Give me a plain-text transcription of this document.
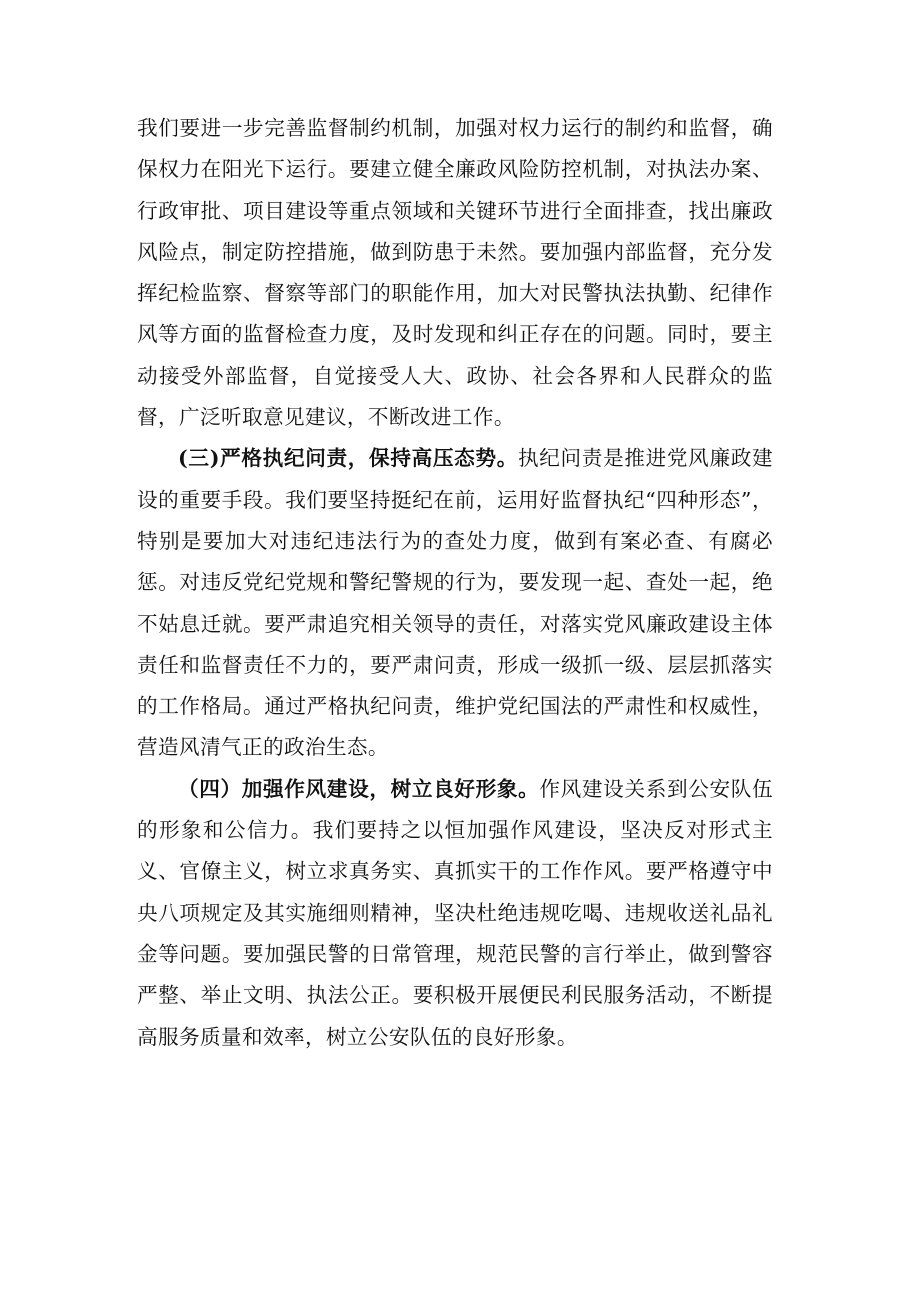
我们要进一步完善监督制约机制，加强对权力运行的制约和监督，确保权力在阳光下运行。要建立健全廉政风险防控机制，对执法办案、行政审批、项目建设等重点领域和关键环节进行全面排查，找出廉政风险点，制定防控措施，做到防患于未然。要加强内部监督，充分发挥纪检监察、督察等部门的职能作用，加大对民警执法执勤、纪律作风等方面的监督检查力度，及时发现和纠正存在的问题。同时，要主动接受外部监督，自觉接受人大、政协、社会各界和人民群众的监督，广泛听取意见建议，不断改进工作。

(三)严格执纪问责，保持高压态势。执纪问责是推进党风廉政建设的重要手段。我们要坚持挺纪在前，运用好监督执纪“四种形态”，特别是要加大对违纪违法行为的查处力度，做到有案必查、有腐必惩。对违反党纪党规和警纪警规的行为，要发现一起、查处一起，绝不姑息迁就。要严肃追究相关领导的责任，对落实党风廉政建设主体责任和监督责任不力的，要严肃问责，形成一级抓一级、层层抓落实的工作格局。通过严格执纪问责，维护党纪国法的严肃性和权威性，营造风清气正的政治生态。

（四）加强作风建设，树立良好形象。作风建设关系到公安队伍的形象和公信力。我们要持之以恒加强作风建设，坚决反对形式主义、官僚主义，树立求真务实、真抓实干的工作作风。要严格遵守中央八项规定及其实施细则精神，坚决杜绝违规吃喝、违规收送礼品礼金等问题。要加强民警的日常管理，规范民警的言行举止，做到警容严整、举止文明、执法公正。要积极开展便民利民服务活动，不断提高服务质量和效率，树立公安队伍的良好形象。
